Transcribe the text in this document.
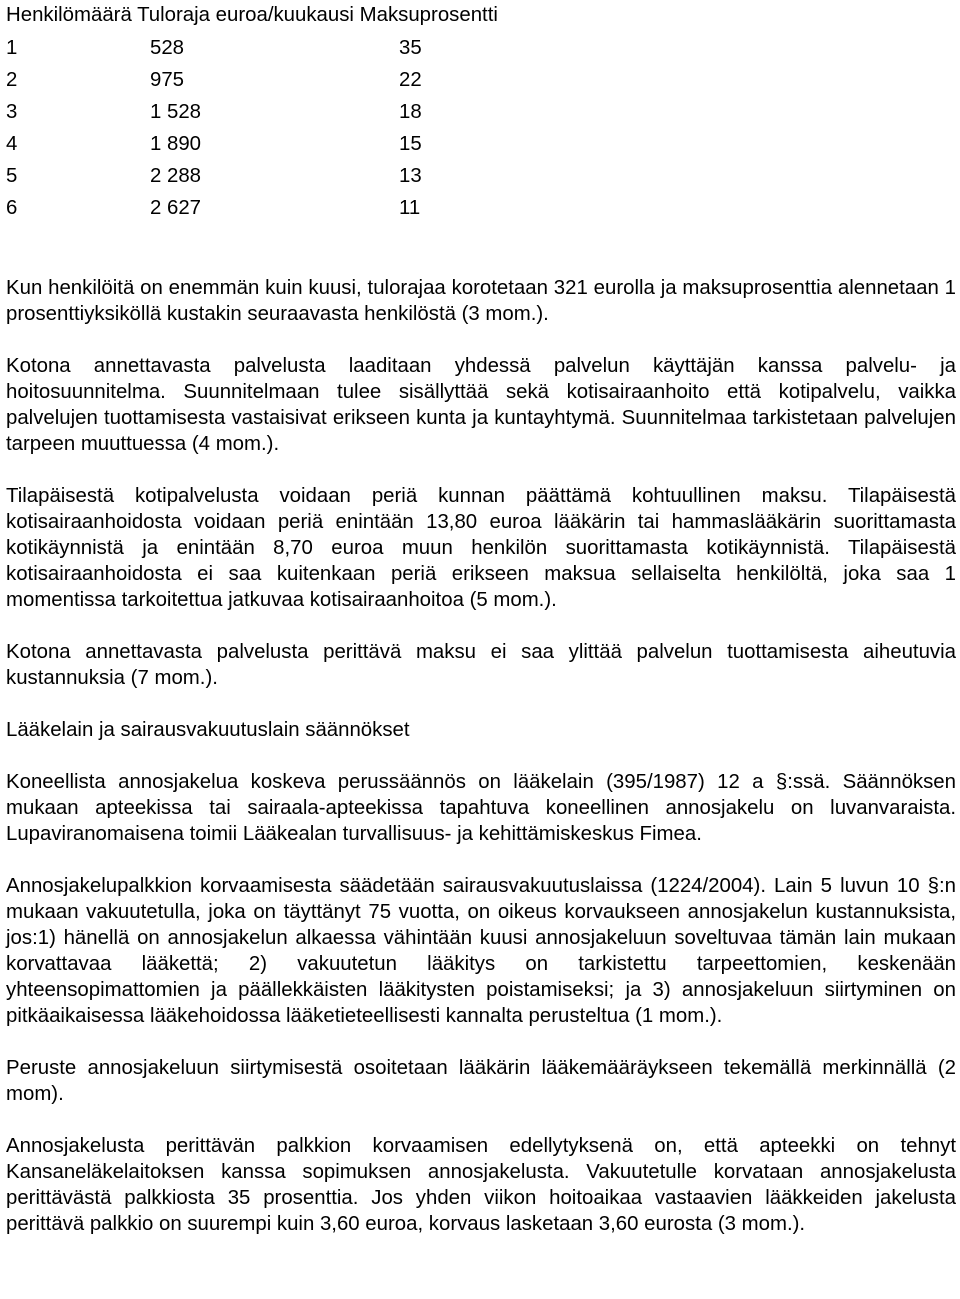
Henkilömäärä Tuloraja euroa/kuukausi Maksuprosentti
1	528	35
2	975	22
3	1 528	18
4	1 890	15
5	2 288	13
6	2 627	11

Kun henkilöitä on enemmän kuin kuusi, tulorajaa korotetaan 321 eurolla ja maksuprosenttia alennetaan 1 prosenttiyksiköllä kustakin seuraavasta henkilöstä (3 mom.).

Kotona annettavasta palvelusta laaditaan yhdessä palvelun käyttäjän kanssa palvelu- ja hoitosuunnitelma. Suunnitelmaan tulee sisällyttää sekä kotisairaanhoito että kotipalvelu, vaikka palvelujen tuottamisesta vastaisivat erikseen kunta ja kuntayhtymä. Suunnitelmaa tarkistetaan palvelujen tarpeen muuttuessa (4 mom.).

Tilapäisestä kotipalvelusta voidaan periä kunnan päättämä kohtuullinen maksu. Tilapäisestä kotisairaanhoidosta voidaan periä enintään 13,80 euroa lääkärin tai hammaslääkärin suorittamasta kotikäynnistä ja enintään 8,70 euroa muun henkilön suorittamasta kotikäynnistä. Tilapäisestä kotisairaanhoidosta ei saa kuitenkaan periä erikseen maksua sellaiselta henkilöltä, joka saa 1 momentissa tarkoitettua jatkuvaa kotisairaanhoitoa (5 mom.).

Kotona annettavasta palvelusta perittävä maksu ei saa ylittää palvelun tuottamisesta aiheutuvia kustannuksia (7 mom.).

Lääkelain ja sairausvakuutuslain säännökset

Koneellista annosjakelua koskeva perussäännös on lääkelain (395/1987) 12 a §:ssä. Säännöksen mukaan apteekissa tai sairaala-apteekissa tapahtuva koneellinen annosjakelu on luvanvaraista. Lupaviranomaisena toimii Lääkealan turvallisuus- ja kehittämiskeskus Fimea.

Annosjakelupalkkion korvaamisesta säädetään sairausvakuutuslaissa (1224/2004). Lain 5 luvun 10 §:n mukaan vakuutetulla, joka on täyttänyt 75 vuotta, on oikeus korvaukseen annosjakelun kustannuksista, jos:1) hänellä on annosjakelun alkaessa vähintään kuusi annosjakeluun soveltuvaa tämän lain mukaan korvattavaa lääkettä; 2) vakuutetun lääkitys on tarkistettu tarpeettomien, keskenään yhteensopimattomien ja päällekkäisten lääkitysten poistamiseksi; ja 3) annosjakeluun siirtyminen on pitkäaikaisessa lääkehoidossa lääketieteellisesti kannalta perusteltua (1 mom.).

Peruste annosjakeluun siirtymisestä osoitetaan lääkärin lääkemääräykseen tekemällä merkinnällä (2 mom).

Annosjakelusta perittävän palkkion korvaamisen edellytyksenä on, että apteekki on tehnyt Kansaneläkelaitoksen kanssa sopimuksen annosjakelusta. Vakuutetulle korvataan annosjakelusta perittävästä palkkiosta 35 prosenttia. Jos yhden viikon hoitoaikaa vastaavien lääkkeiden jakelusta perittävä palkkio on suurempi kuin 3,60 euroa, korvaus lasketaan 3,60 eurosta (3 mom.).
